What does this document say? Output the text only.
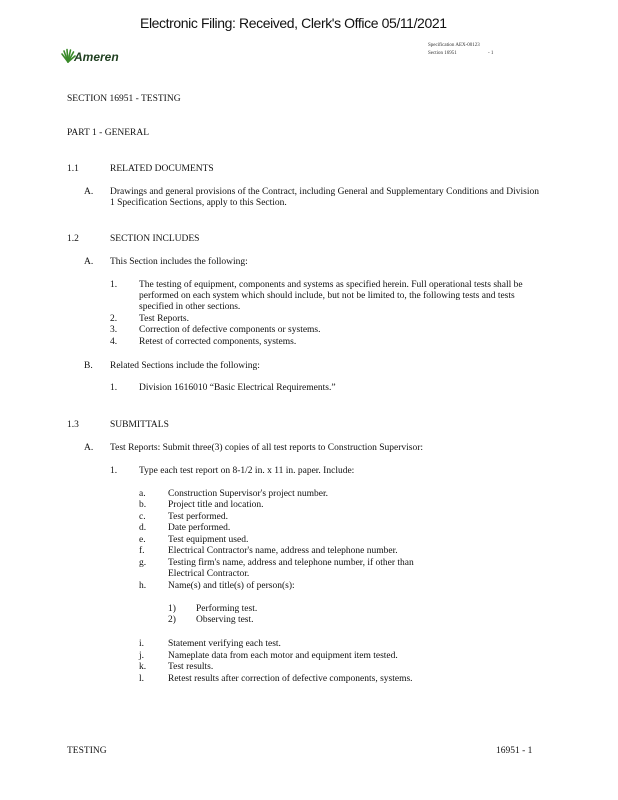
Electronic Filing: Received, Clerk's Office 05/11/2021
Ameren
Specification AEX-00123
Section 16951	- 1
SECTION 16951 - TESTING
PART 1 - GENERAL
1.1	RELATED DOCUMENTS
A. Drawings and general provisions of the Contract, including General and Supplementary Conditions and Division 1 Specification Sections, apply to this Section.
1.2	SECTION INCLUDES
A. This Section includes the following:
1. The testing of equipment, components and systems as specified herein. Full operational tests shall be performed on each system which should include, but not be limited to, the following tests and tests specified in other sections.
2. Test Reports.
3. Correction of defective components or systems.
4. Retest of corrected components, systems.
B. Related Sections include the following:
1. Division 1616010 “Basic Electrical Requirements.”
1.3	SUBMITTALS
A. Test Reports: Submit three(3) copies of all test reports to Construction Supervisor:
1. Type each test report on 8-1/2 in. x 11 in. paper. Include:
a. Construction Supervisor's project number.
b. Project title and location.
c. Test performed.
d. Date performed.
e. Test equipment used.
f. Electrical Contractor's name, address and telephone number.
g. Testing firm's name, address and telephone number, if other than Electrical Contractor.
h. Name(s) and title(s) of person(s):
1) Performing test.
2) Observing test.
i.	Statement verifying each test.
j.	Nameplate data from each motor and equipment item tested.
k. Test results.
l.	Retest results after correction of defective components, systems.
TESTING	16951 - 1
